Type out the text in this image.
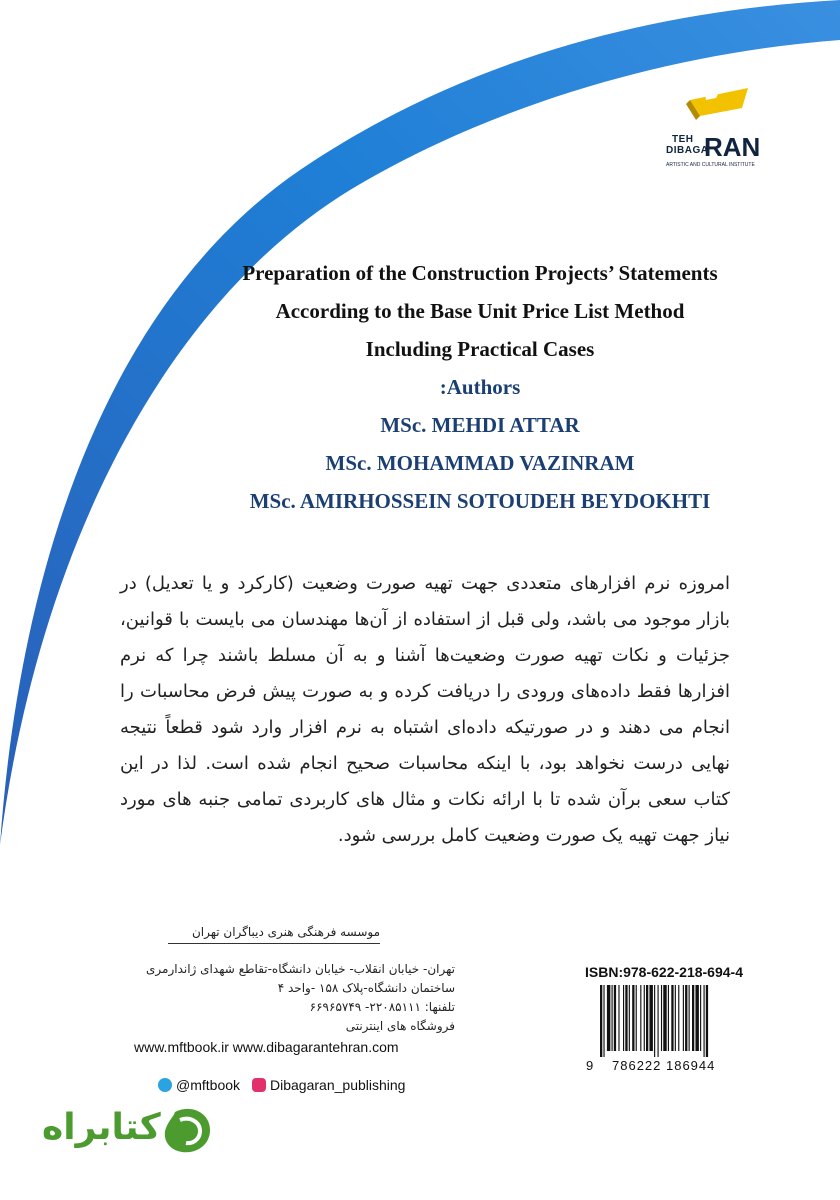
TEH
DIBAGA
RAN
ARTISTIC AND CULTURAL INSTITUTE
Preparation of the Construction Projects’ Statements
According to the Base Unit Price List Method
Including Practical Cases
:Authors
MSc. MEHDI ATTAR
MSc. MOHAMMAD VAZINRAM
MSc. AMIRHOSSEIN SOTOUDEH BEYDOKHTI

امروزه نرم افزارهای متعددی جهت تهیه صورت وضعیت (کارکرد و یا تعدیل) در بازار موجود می باشد، ولی قبل از استفاده از آن‌ها مهندسان می بایست با قوانین، جزئیات و نکات تهیه صورت وضعیت‌ها آشنا و به آن مسلط باشند چرا که نرم افزارها فقط داده‌های ورودی را دریافت کرده و به صورت پیش فرض محاسبات را انجام می دهند و در صورتیکه داده‌ای اشتباه به نرم افزار وارد شود قطعاً نتیجه نهایی درست نخواهد بود، با اینکه محاسبات صحیح انجام شده است. لذا در این کتاب سعی برآن شده تا با ارائه نکات و مثال های کاربردی تمامی جنبه های مورد نیاز جهت تهیه یک صورت وضعیت کامل بررسی شود.

موسسه فرهنگی هنری دیباگران تهران
تهران- خیابان انقلاب- خیابان دانشگاه-تقاطع شهدای ژاندارمری
ساختمان دانشگاه-پلاک ۱۵۸ -واحد ۴
تلفنها: ۲۲۰۸۵۱۱۱- ۶۶۹۶۵۷۴۹
فروشگاه های اینترنتی
www.mftbook.ir www.dibagarantehran.com
@mftbook Dibagaran_publishing
ISBN:978-622-218-694-4
9 786222 186944
کتابراه
